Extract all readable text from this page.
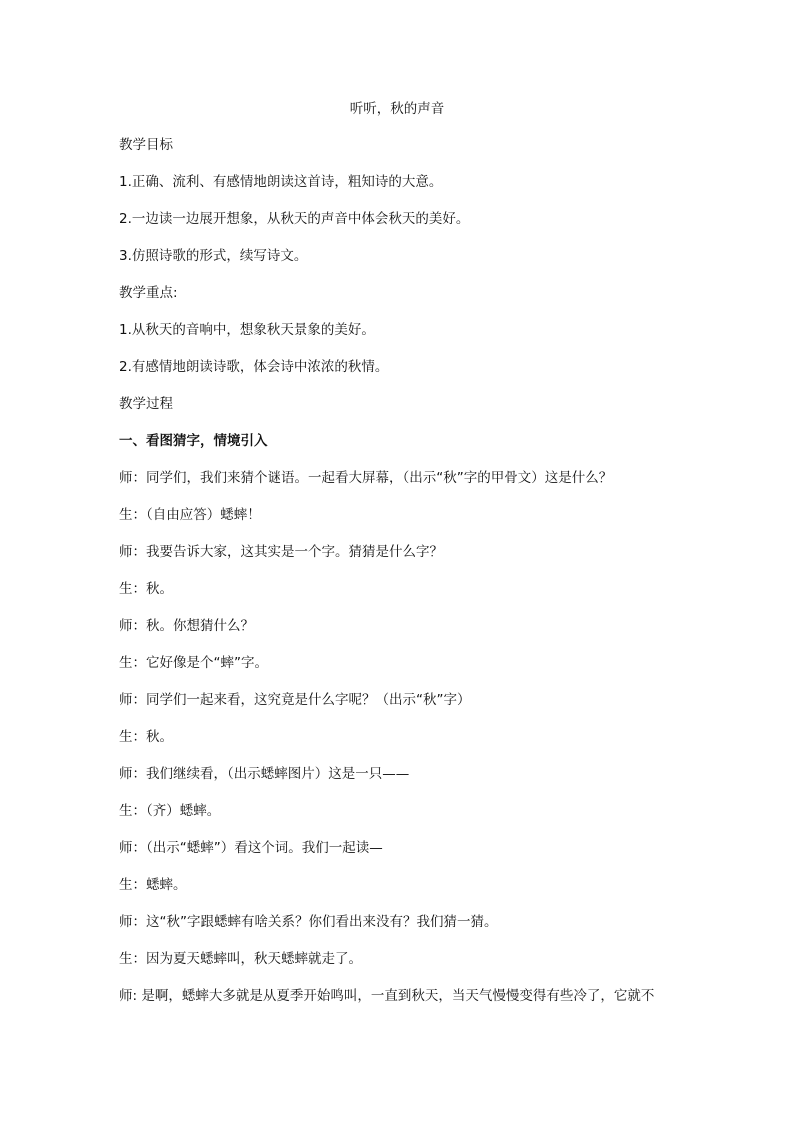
听听，秋的声音
教学目标
1.正确、流利、有感情地朗读这首诗，粗知诗的大意。
2.一边读一边展开想象，从秋天的声音中体会秋天的美好。
3.仿照诗歌的形式，续写诗文。
教学重点:
1.从秋天的音响中，想象秋天景象的美好。
2.有感情地朗读诗歌，体会诗中浓浓的秋情。
教学过程
一、看图猜字，情境引入
师：同学们，我们来猜个谜语。一起看大屏幕，（出示“秋”字的甲骨文）这是什么？
生：（自由应答）蟋蟀！
师：我要告诉大家，这其实是一个字。猜猜是什么字？
生：秋。
师：秋。你想猜什么？
生：它好像是个“蟀”字。
师：同学们一起来看，这究竟是什么字呢？（出示“秋”字）
生：秋。
师：我们继续看，（出示蟋蟀图片）这是一只——
生：（齐）蟋蟀。
师：（出示“蟋蟀”）看这个词。我们一起读—
生：蟋蟀。
师：这“秋”字跟蟋蟀有啥关系？你们看出来没有？我们猜一猜。
生：因为夏天蟋蟀叫，秋天蟋蟀就走了。
师: 是啊，蟋蟀大多就是从夏季开始鸣叫，一直到秋天，当天气慢慢变得有些冷了，它就不
